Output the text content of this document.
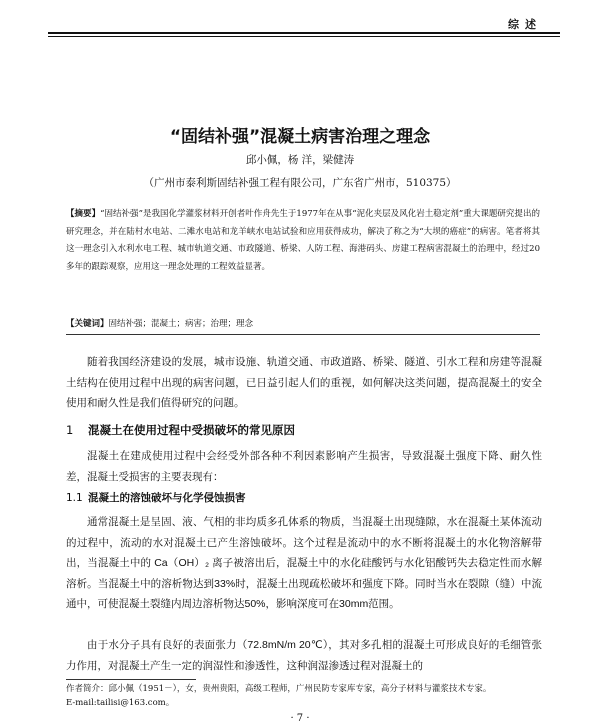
综述
“固结补强”混凝土病害治理之理念
邱小佩，杨 洋，梁健涛
（广州市泰利斯固结补强工程有限公司，广东省广州市，510375）
【摘要】“固结补强”是我国化学灌浆材料开创者叶作舟先生于1977年在从事“泥化夹层及风化岩土稳定剂”重大课题研究提出的研究理念，并在陆村水电站、二滩水电站和龙羊峡水电站试验和应用获得成功，解决了称之为“大坝的癌症”的病害。笔者将其这一理念引入水利水电工程、城市轨道交通、市政隧道、桥梁、人防工程、海港码头、房建工程病害混凝土的治理中，经过20多年的跟踪观察，应用这一理念处理的工程效益显著。
【关键词】固结补强；混凝土；病害；治理；理念
随着我国经济建设的发展，城市设施、轨道交通、市政道路、桥梁、隧道、引水工程和房建等混凝土结构在使用过程中出现的病害问题，已日益引起人们的重视，如何解决这类问题，提高混凝土的安全使用和耐久性是我们值得研究的问题。
1 混凝土在使用过程中受损破坏的常见原因
混凝土在建成使用过程中会经受外部各种不利因素影响产生损害，导致混凝土强度下降、耐久性差，混凝土受损害的主要表现有：
1.1 混凝土的溶蚀破坏与化学侵蚀损害
通常混凝土是呈固、液、气相的非均质多孔体系的物质，当混凝土出现缝隙，水在混凝土某体流动的过程中，流动的水对混凝土已产生溶蚀破坏。这个过程是流动中的水不断将混凝土的水化物溶解带出，当混凝土中的 Ca（OH）₂ 离子被溶出后，混凝土中的水化硅酸钙与水化铝酸钙失去稳定性而水解溶析。当混凝土中的溶析物达到33%时，混凝土出现疏松破坏和强度下降。同时当水在裂隙（缝）中流通中，可使混凝土裂缝内周边溶析物达50%，影响深度可在30mm范围。
由于水分子具有良好的表面张力（72.8mN/m 20℃），其对多孔相的混凝土可形成良好的毛细管张力作用，对混凝土产生一定的润湿性和渗透性，这种润湿渗透过程对混凝土的
作者简介：邱小佩（1951－），女，贵州贵阳，高级工程师，广州民防专家库专家，高分子材料与灌浆技术专家。
E-mail:tailisi@163.com。
· 7 ·
